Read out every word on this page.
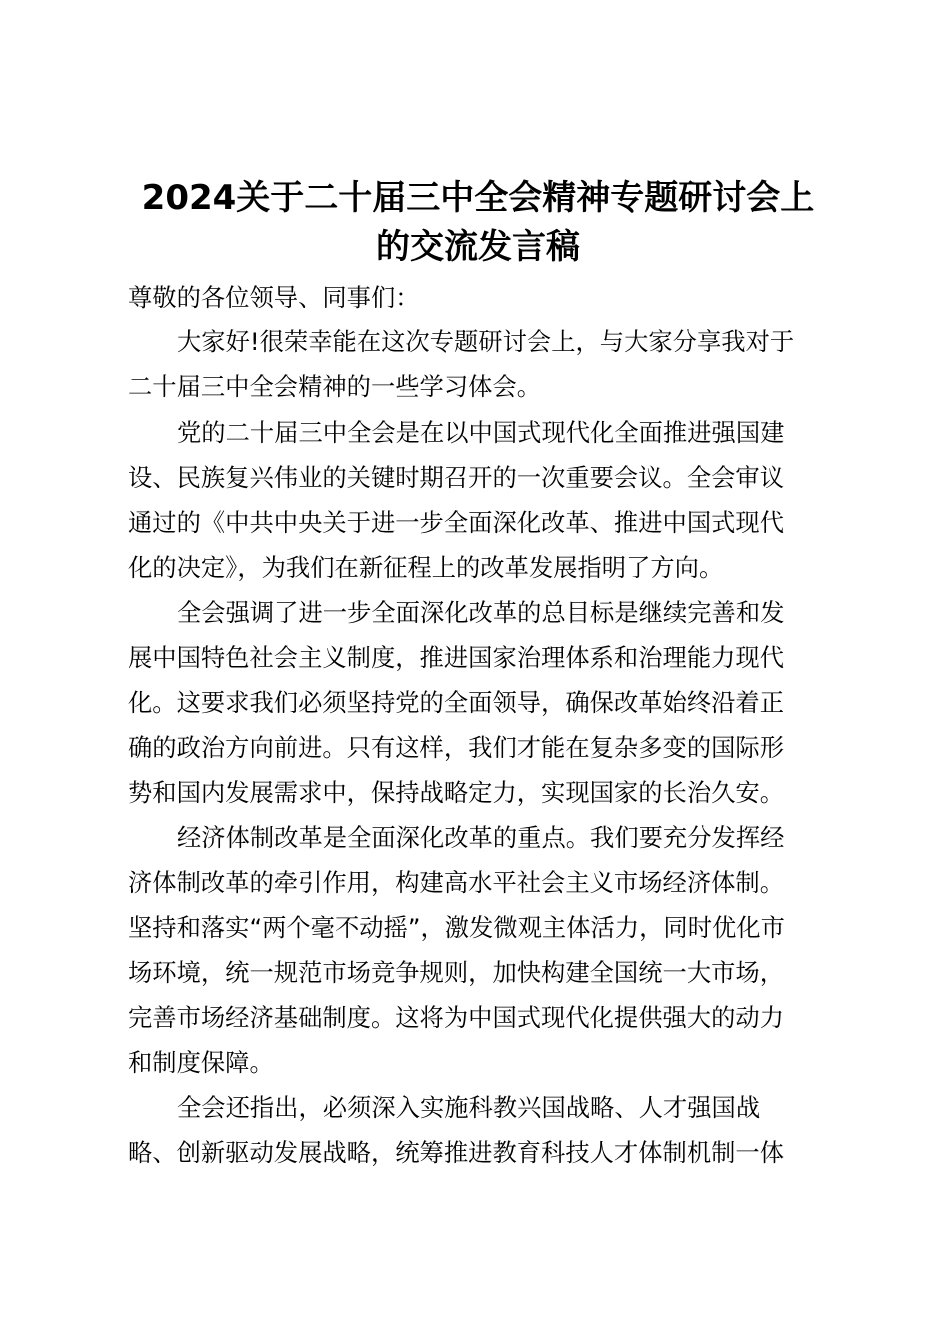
2024关于二十届三中全会精神专题研讨会上
的交流发言稿

尊敬的各位领导、同事们：

大家好!很荣幸能在这次专题研讨会上，与大家分享我对于

二十届三中全会精神的一些学习体会。

党的二十届三中全会是在以中国式现代化全面推进强国建

设、民族复兴伟业的关键时期召开的一次重要会议。全会审议

通过的《中共中央关于进一步全面深化改革、推进中国式现代

化的决定》，为我们在新征程上的改革发展指明了方向。

全会强调了进一步全面深化改革的总目标是继续完善和发

展中国特色社会主义制度，推进国家治理体系和治理能力现代

化。这要求我们必须坚持党的全面领导，确保改革始终沿着正

确的政治方向前进。只有这样，我们才能在复杂多变的国际形

势和国内发展需求中，保持战略定力，实现国家的长治久安。

经济体制改革是全面深化改革的重点。我们要充分发挥经

济体制改革的牵引作用，构建高水平社会主义市场经济体制。

坚持和落实“两个毫不动摇”，激发微观主体活力，同时优化市

场环境，统一规范市场竞争规则，加快构建全国统一大市场，

完善市场经济基础制度。这将为中国式现代化提供强大的动力

和制度保障。

全会还指出，必须深入实施科教兴国战略、人才强国战

略、创新驱动发展战略，统筹推进教育科技人才体制机制一体
